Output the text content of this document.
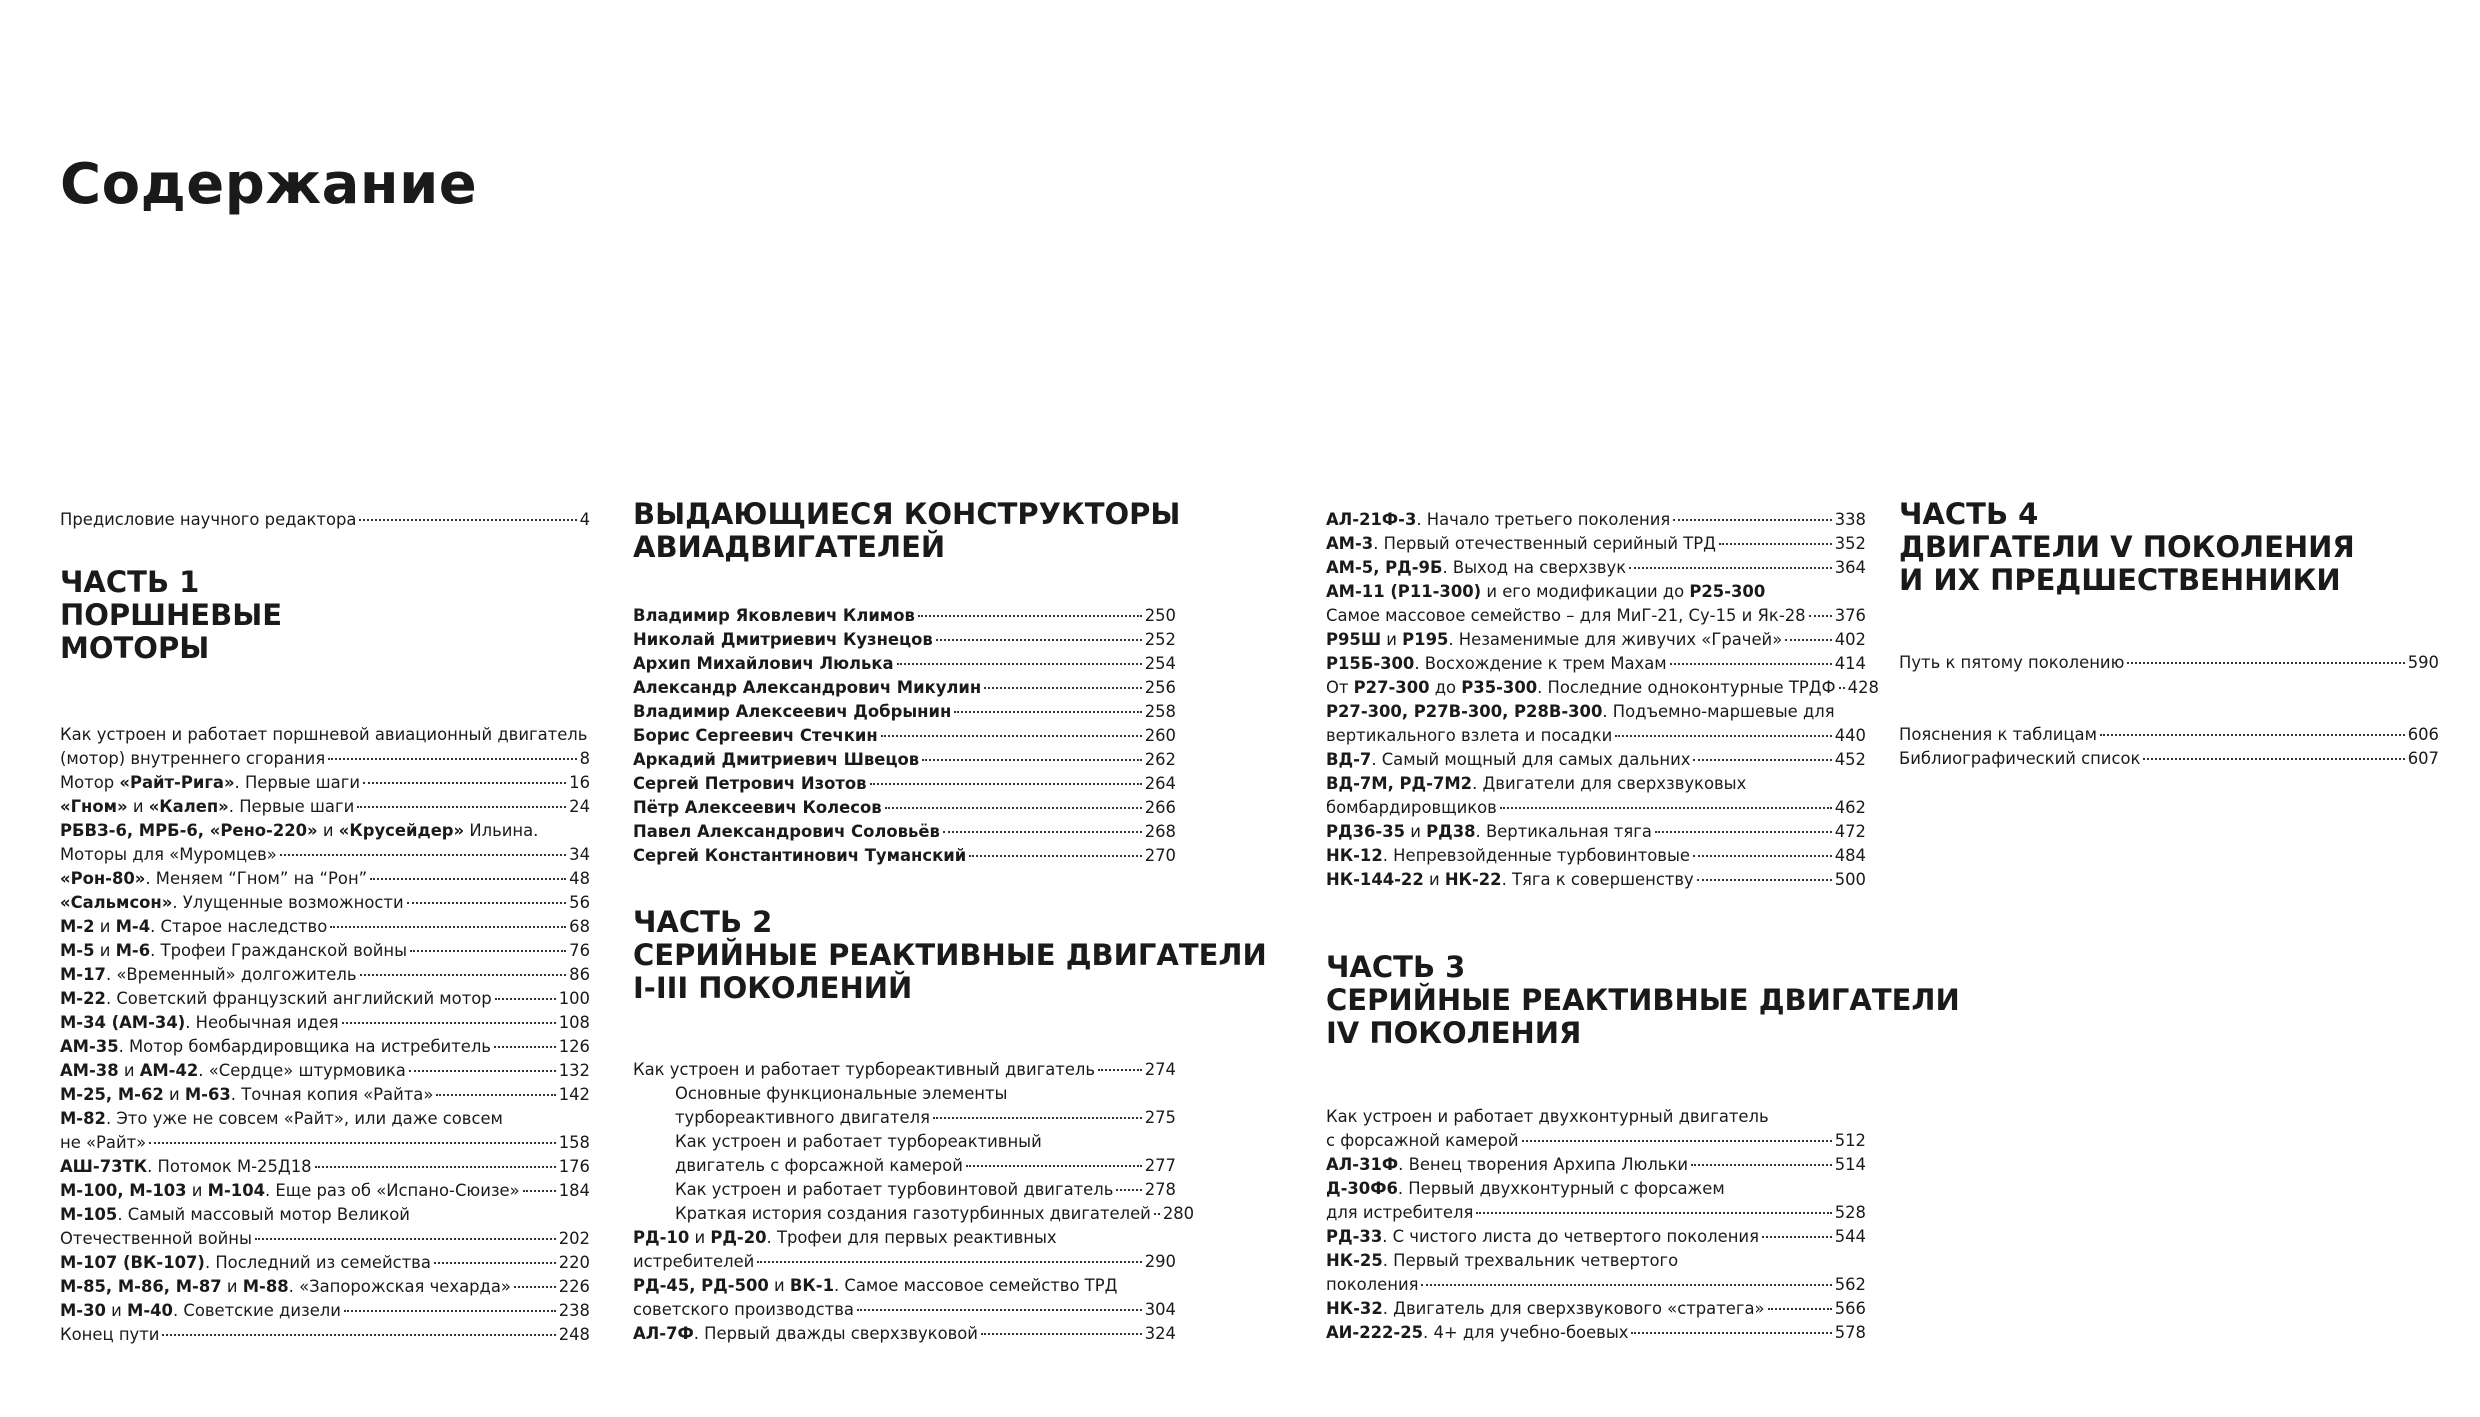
Содержание
Предисловие научного редактора	4
ЧАСТЬ 1
ПОРШНЕВЫЕ
МОТОРЫ
Как устроен и работает поршневой авиационный двигатель
(мотор) внутреннего сгорания	8
Мотор «Райт-Рига». Первые шаги	16
«Гном» и «Калеп». Первые шаги	24
РБВЗ-6, МРБ-6, «Рено-220» и «Крусейдер» Ильина.
Моторы для «Муромцев»	34
«Рон-80». Меняем “Гном” на “Рон”	48
«Сальмсон». Улущенные возможности	56
М-2 и М-4. Старое наследство	68
М-5 и М-6. Трофеи Гражданской войны	76
М-17. «Временный» долгожитель	86
М-22. Советский французский английский мотор	100
М-34 (АМ-34). Необычная идея	108
АМ-35. Мотор бомбардировщика на истребитель	126
АМ-38 и АМ-42. «Сердце» штурмовика	132
М-25, М-62 и М-63. Точная копия «Райта»	142
М-82. Это уже не совсем «Райт», или даже совсем
не «Райт»	158
АШ-73ТК. Потомок М-25Д18	176
М-100, М-103 и М-104. Еще раз об «Испано-Сюизе» 184
М-105. Самый массовый мотор Великой
Отечественной войны	202
М-107 (ВК-107). Последний из семейства	220
М-85, М-86, М-87 и М-88. «Запорожская чехарда»	226
М-30 и М-40. Советские дизели	238
Конец пути	248
ВЫДАЮЩИЕСЯ КОНСТРУКТОРЫ
АВИАДВИГАТЕЛЕЙ
Владимир Яковлевич Климов	250
Николай Дмитриевич Кузнецов	252
Архип Михайлович Люлька	254
Александр Александрович Микулин	256
Владимир Алексеевич Добрынин	258
Борис Сергеевич Стечкин	260
Аркадий Дмитриевич Швецов	262
Сергей Петрович Изотов	264
Пётр Алексеевич Колесов	266
Павел Александрович Соловьёв	268
Сергей Константинович Туманский	270
ЧАСТЬ 2
СЕРИЙНЫЕ РЕАКТИВНЫЕ ДВИГАТЕЛИ
I-III ПОКОЛЕНИЙ
Как устроен и работает турбореактивный двигатель	274
Основные функциональные элементы
турбореактивного двигателя	275
Как устроен и работает турбореактивный
двигатель с форсажной камерой	277
Как устроен и работает турбовинтовой двигатель 278
Краткая история создания газотурбинных двигателей 280
РД-10 и РД-20. Трофеи для первых реактивных
истребителей	290
РД-45, РД-500 и ВК-1. Самое массовое семейство ТРД
советского производства	304
АЛ-7Ф. Первый дважды сверхзвуковой	324
АЛ-21Ф-3. Начало третьего поколения	338
АМ-3. Первый отечественный серийный ТРД	352
АМ-5, РД-9Б. Выход на сверхзвук	364
АМ-11 (Р11-300) и его модификации до Р25-300
Самое массовое семейство – для МиГ-21, Су-15 и Як-28 376
Р95Ш и Р195. Незаменимые для живучих «Грачей»	402
Р15Б-300. Восхождение к трем Махам	414
От Р27-300 до Р35-300. Последние одноконтурные ТРДФ 428
Р27-300, Р27В-300, Р28В-300. Подъемно-маршевые для
вертикального взлета и посадки	440
ВД-7. Самый мощный для самых дальних	452
ВД-7М, РД-7М2. Двигатели для сверхзвуковых
бомбардировщиков	462
РД36-35 и РД38. Вертикальная тяга	472
НК-12. Непревзойденные турбовинтовые	484
НК-144-22 и НК-22. Тяга к совершенству	500
ЧАСТЬ 3
СЕРИЙНЫЕ РЕАКТИВНЫЕ ДВИГАТЕЛИ
IV ПОКОЛЕНИЯ
Как устроен и работает двухконтурный двигатель
с форсажной камерой	512
АЛ-31Ф. Венец творения Архипа Люльки	514
Д-30Ф6. Первый двухконтурный с форсажем
для истребителя	528
РД-33. С чистого листа до четвертого поколения	544
НК-25. Первый трехвальник четвертого
поколения	562
НК-32. Двигатель для сверхзвукового «стратега»	566
АИ-222-25. 4+ для учебно-боевых	578
ЧАСТЬ 4
ДВИГАТЕЛИ V ПОКОЛЕНИЯ
И ИХ ПРЕДШЕСТВЕННИКИ
Путь к пятому поколению	590
Пояснения к таблицам	606
Библиографический список	607
